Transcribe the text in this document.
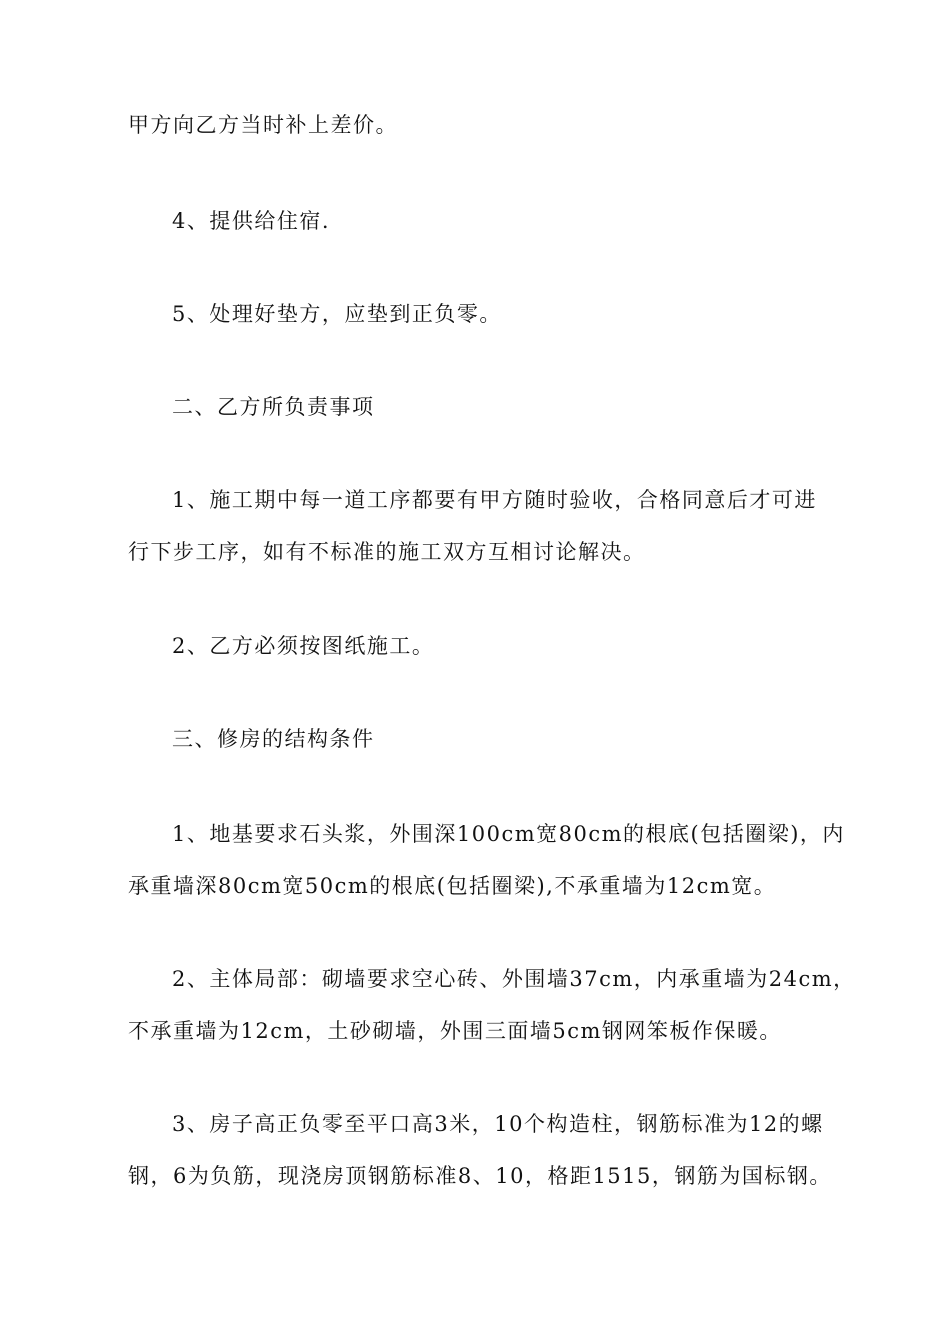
甲方向乙方当时补上差价。

4、提供给住宿.

5、处理好垫方，应垫到正负零。

二、乙方所负责事项

1、施工期中每一道工序都要有甲方随时验收，合格同意后才可进
行下步工序，如有不标准的施工双方互相讨论解决。

2、乙方必须按图纸施工。

三、修房的结构条件

1、地基要求石头浆，外围深100cm宽80cm的根底(包括圈梁)，内
承重墙深80cm宽50cm的根底(包括圈梁),不承重墙为12cm宽。

2、主体局部：砌墙要求空心砖、外围墙37cm，内承重墙为24cm，
不承重墙为12cm，土砂砌墙，外围三面墙5cm钢网笨板作保暖。

3、房子高正负零至平口高3米，10个构造柱，钢筋标准为12的螺
钢，6为负筋，现浇房顶钢筋标准8、10，格距1515，钢筋为国标钢。
